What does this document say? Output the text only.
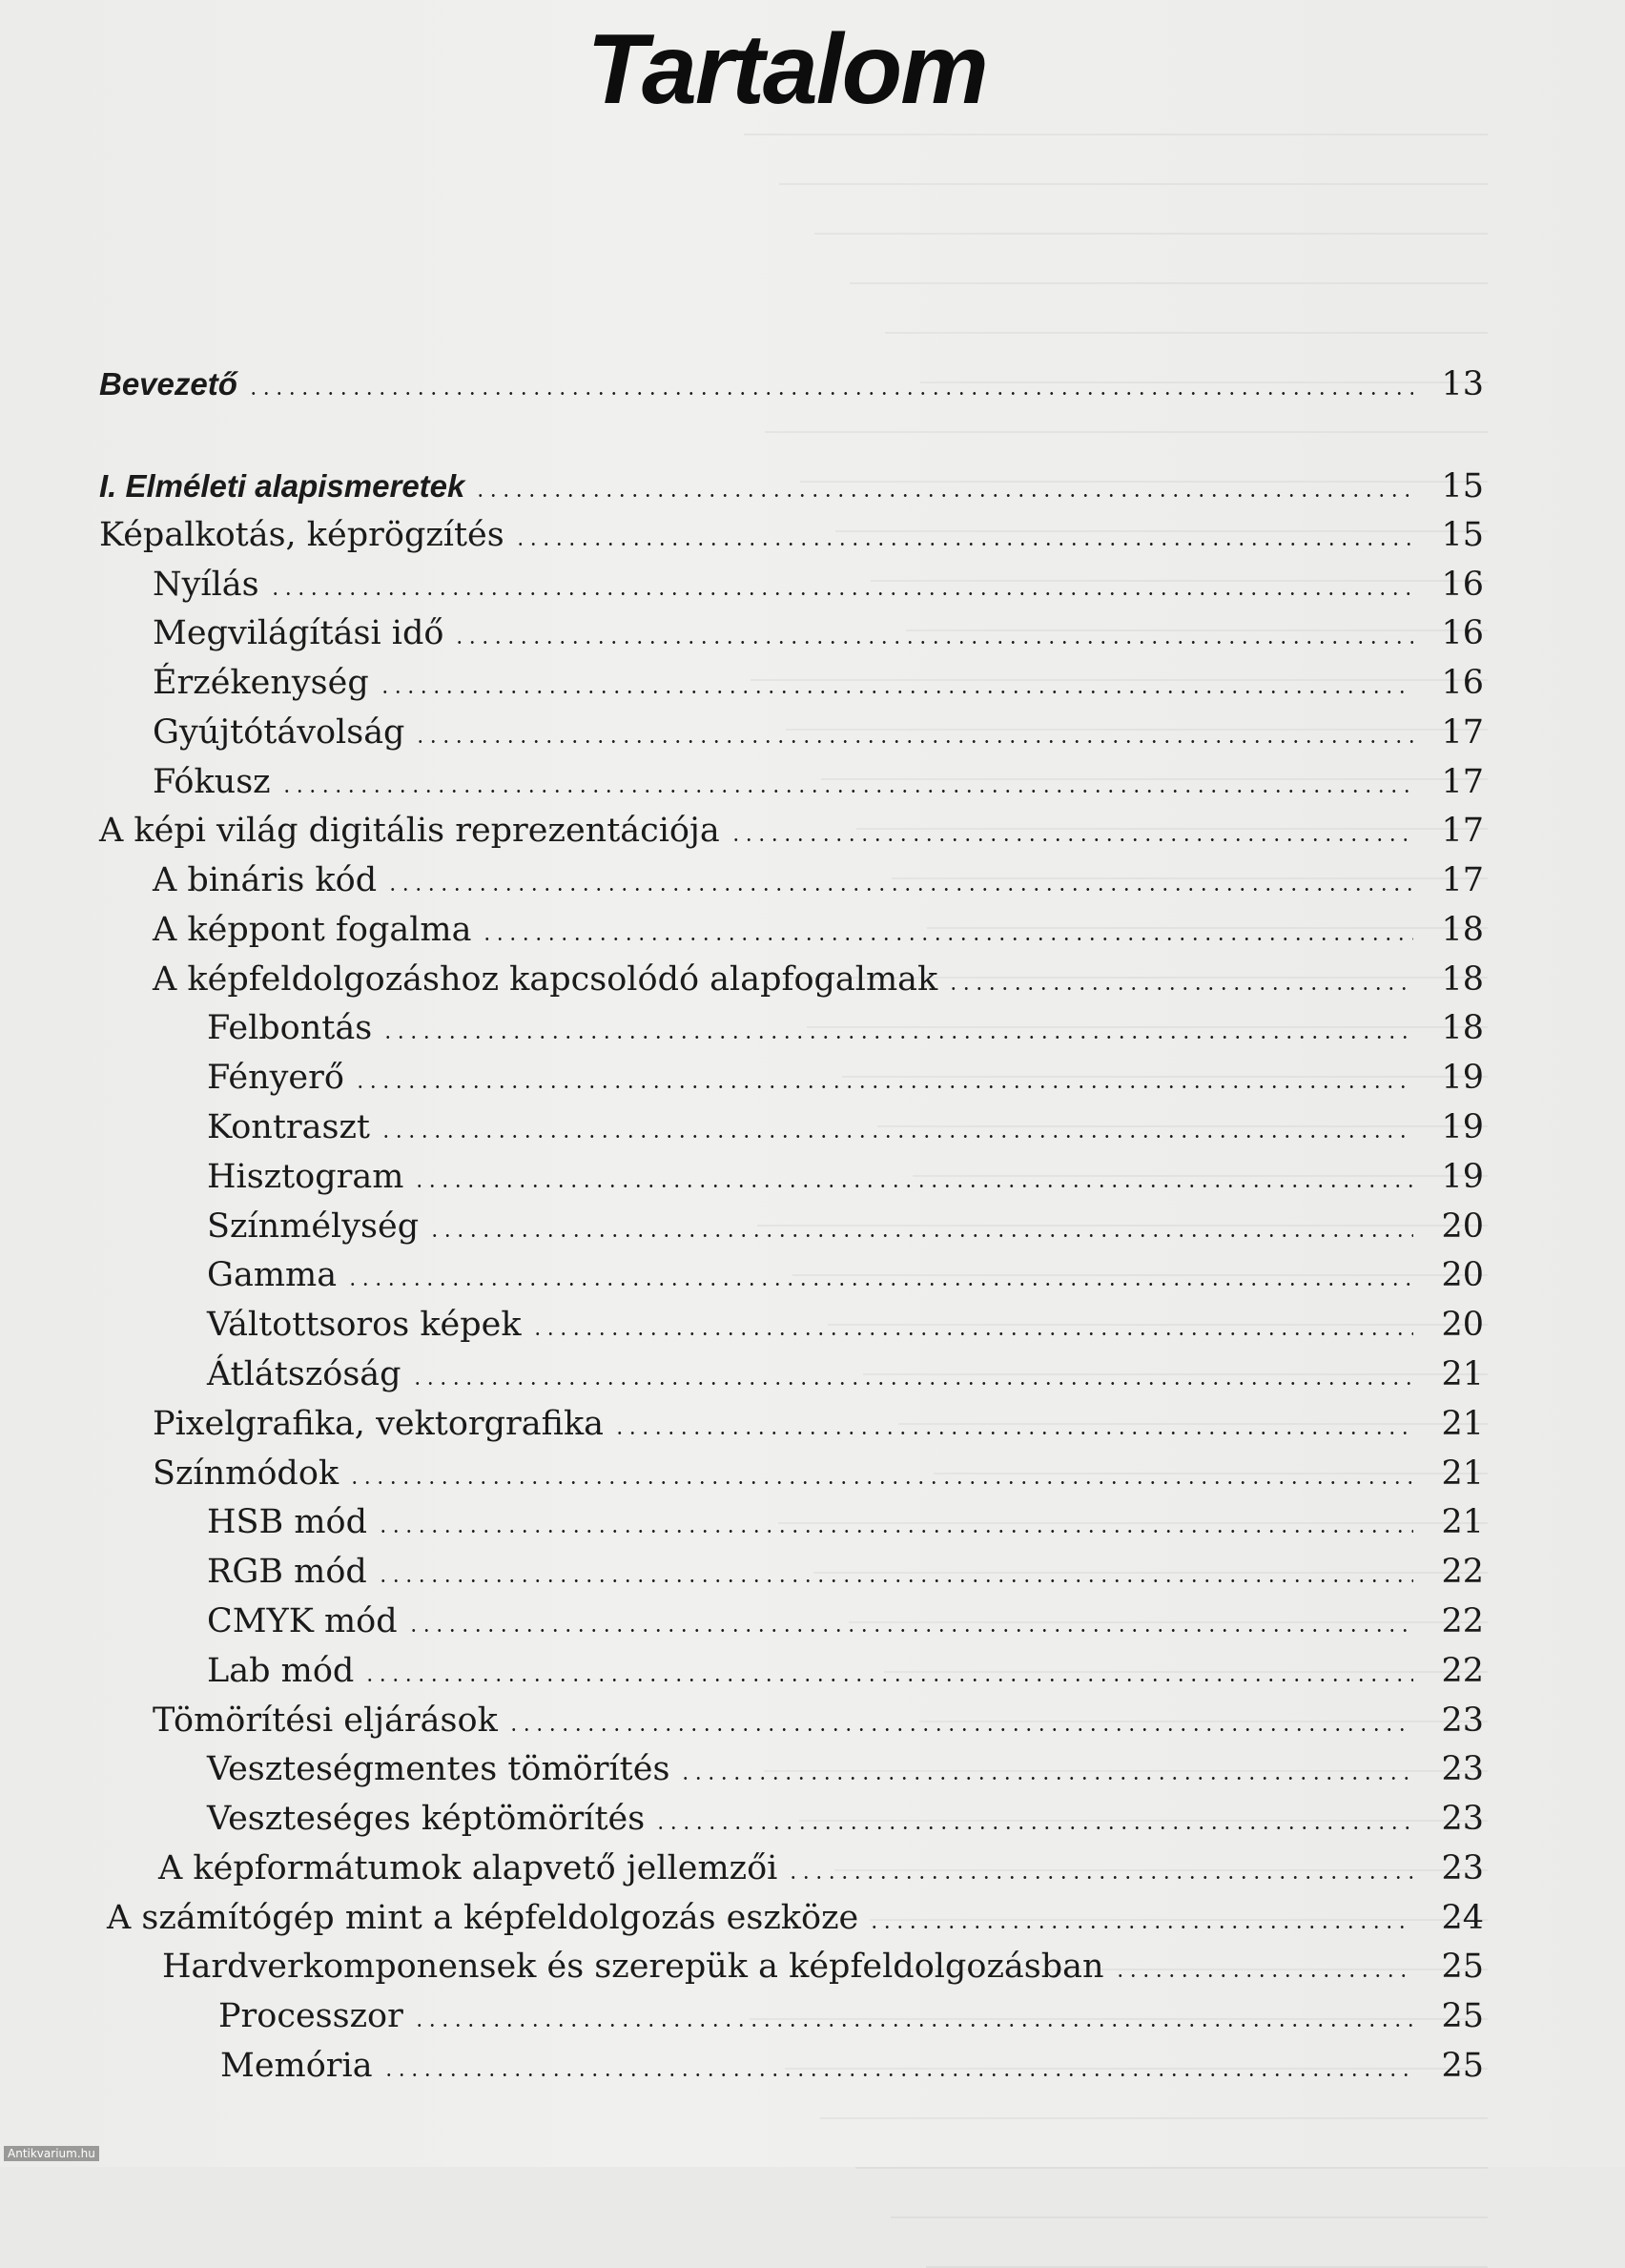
Tartalom
Bevezető	13
I. Elméleti alapismeretek	15
Képalkotás, képrögzítés	15
Nyílás	16
Megvilágítási idő	16
Érzékenység	16
Gyújtótávolság	17
Fókusz	17
A képi világ digitális reprezentációja	17
A bináris kód	17
A képpont fogalma	18
A képfeldolgozáshoz kapcsolódó alapfogalmak	18
Felbontás	18
Fényerő	19
Kontraszt	19
Hisztogram	19
Színmélység	20
Gamma	20
Váltottsoros képek	20
Átlátszóság	21
Pixelgrafika, vektorgrafika	21
Színmódok	21
HSB mód	21
RGB mód	22
CMYK mód	22
Lab mód	22
Tömörítési eljárások	23
Veszteségmentes tömörítés	23
Veszteséges képtömörítés	23
A képformátumok alapvető jellemzői	23
A számítógép mint a képfeldolgozás eszköze	24
Hardverkomponensek és szerepük a képfeldolgozásban	25
Processzor	25
Memória	25
Antikvarium.hu
